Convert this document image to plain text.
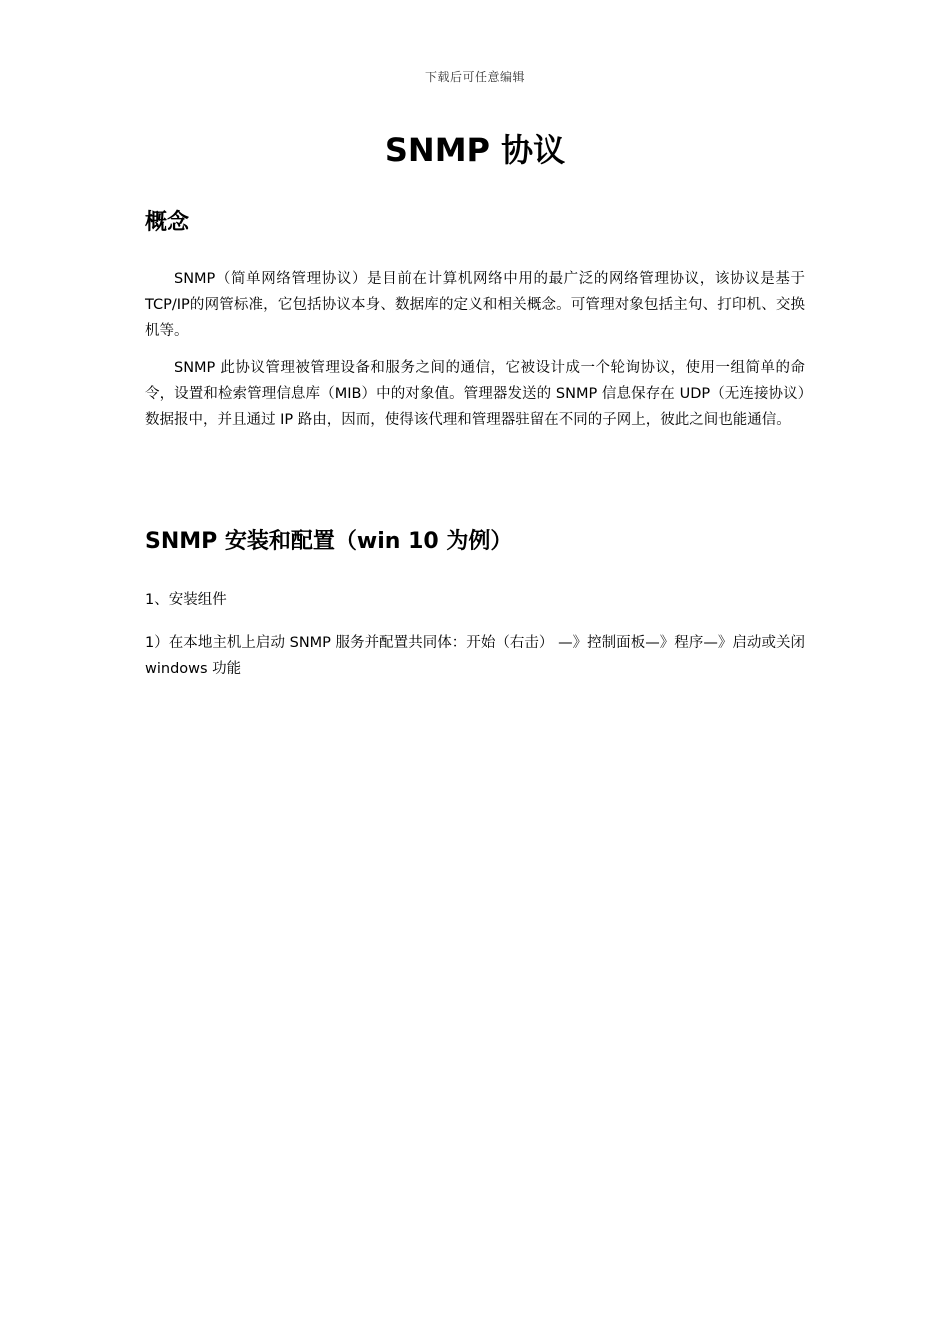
下载后可任意编辑
SNMP 协议
概念

SNMP（简单网络管理协议）是目前在计算机网络中用的最广泛的网络管理协议，该协议是基于TCP/IP的网管标准，它包括协议本身、数据库的定义和相关概念。可管理对象包括主句、打印机、交换机等。

SNMP 此协议管理被管理设备和服务之间的通信，它被设计成一个轮询协议，使用一组简单的命令，设置和检索管理信息库（MIB）中的对象值。管理器发送的 SNMP 信息保存在 UDP（无连接协议）数据报中，并且通过 IP 路由，因而，使得该代理和管理器驻留在不同的子网上，彼此之间也能通信。

SNMP 安装和配置（win 10 为例）

1、安装组件

1）在本地主机上启动 SNMP 服务并配置共同体：开始（右击） —》控制面板—》程序—》启动或关闭 windows 功能
